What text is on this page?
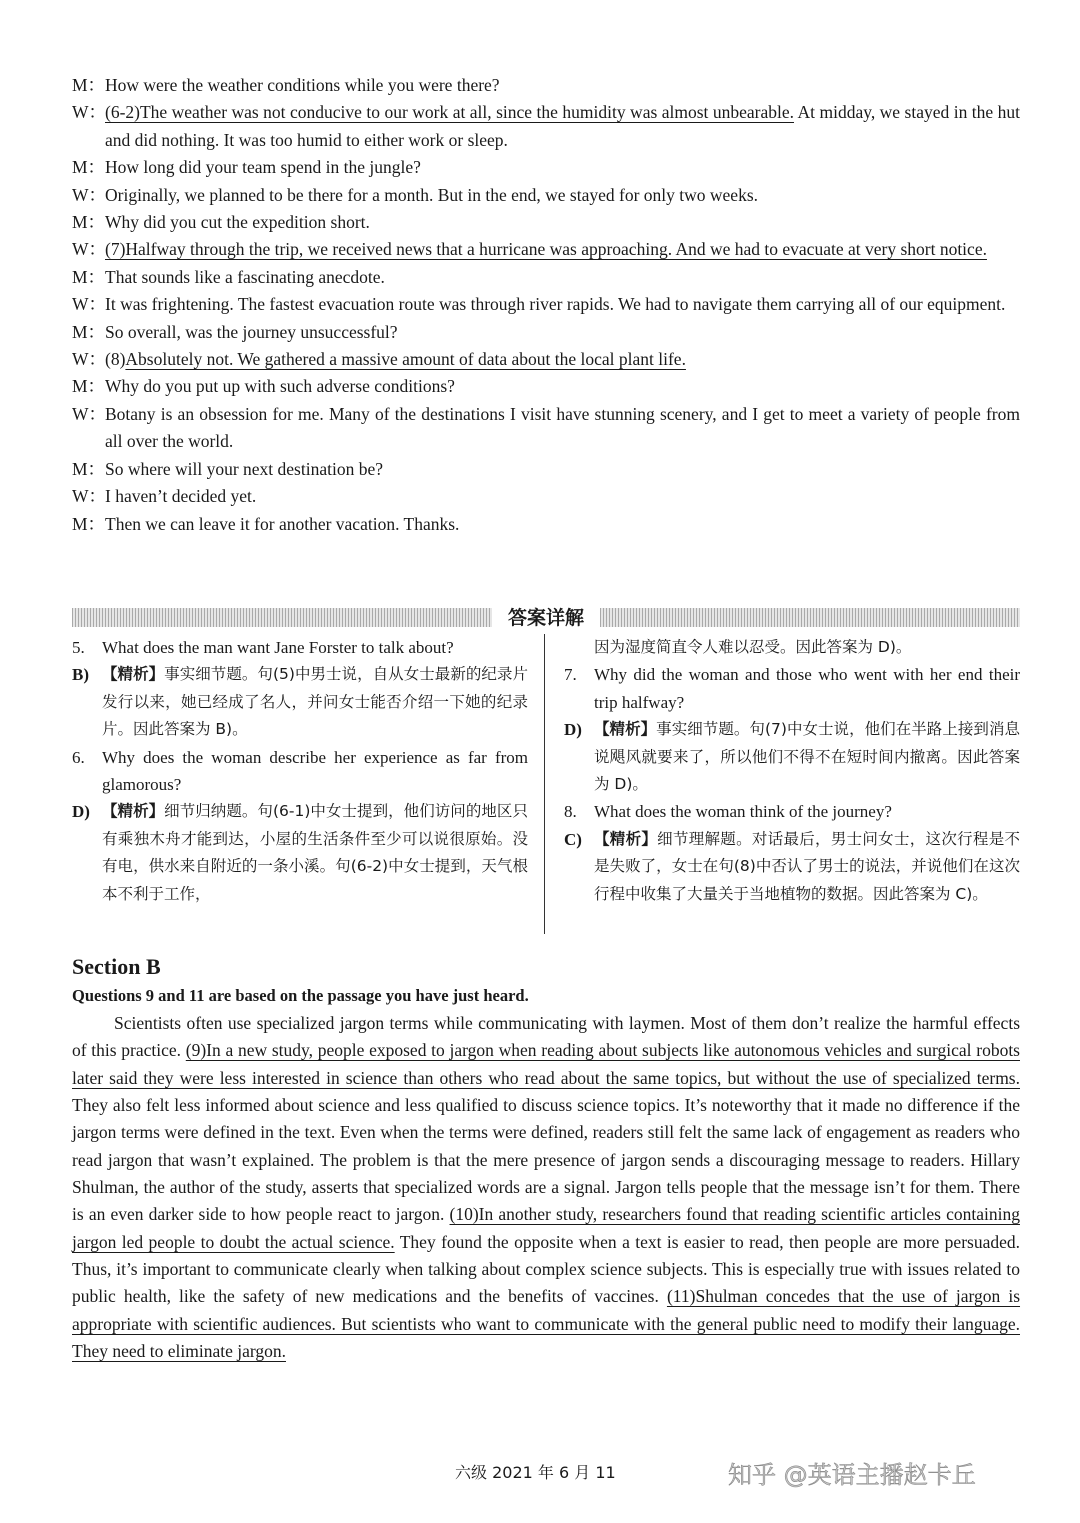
M： How were the weather conditions while you were there?
W：
(6-2)The weather was not conducive to our work at all, since the humidity was almost unbearable. At midday, we stayed in the hut and did nothing. It was too humid to either work or sleep.
M： How long did your team spend in the jungle?
W：
Originally, we planned to be there for a month. But in the end, we stayed for only two weeks.
M： Why did you cut the expedition short.
W：
(7)Halfway through the trip, we received news that a hurricane was approaching. And we had to evacuate at very short notice.
M： That sounds like a fascinating anecdote.
W：
It was frightening. The fastest evacuation route was through river rapids. We had to navigate them carrying all of our equipment.
M： So overall, was the journey unsuccessful?
W：
(8)Absolutely not. We gathered a massive amount of data about the local plant life.
M： Why do you put up with such adverse conditions?
W：
Botany is an obsession for me. Many of the destinations I visit have stunning scenery, and I get to meet a variety of people from all over the world.
M： So where will your next destination be?
W：
I haven’t decided yet.
M： Then we can leave it for another vacation. Thanks.
答案详解
5. What does the man want Jane Forster to talk about?
B) 【精析】事实细节题。句(5)中男士说，自从女士最新的纪录片发行以来，她已经成了名人，并问女士能否介绍一下她的纪录片。因此答案为 B)。
6. Why does the woman describe her experience as far from glamorous?
D) 【精析】细节归纳题。句(6-1)中女士提到，他们访问的地区只有乘独木舟才能到达，小屋的生活条件至少可以说很原始。没有电，供水来自附近的一条小溪。句(6-2)中女士提到，天气根本不利于工作，
因为湿度简直令人难以忍受。因此答案为 D)。
7. Why did the woman and those who went with her end their trip halfway?
D) 【精析】事实细节题。句(7)中女士说，他们在半路上接到消息说飓风就要来了，所以他们不得不在短时间内撤离。因此答案为 D)。
8. What does the woman think of the journey?
C) 【精析】细节理解题。对话最后，男士问女士，这次行程是不是失败了，女士在句(8)中否认了男士的说法，并说他们在这次行程中收集了大量关于当地植物的数据。因此答案为 C)。
Section B
Questions 9 and 11 are based on the passage you have just heard.

Scientists often use specialized jargon terms while communicating with laymen. Most of them don’t realize the harmful effects of this practice. (9)In a new study, people exposed to jargon when reading about subjects like autonomous vehicles and surgical robots later said they were less interested in science than others who read about the same topics, but without the use of specialized terms. They also felt less informed about science and less qualified to discuss science topics. It’s noteworthy that it made no difference if the jargon terms were defined in the text. Even when the terms were defined, readers still felt the same lack of engagement as readers who read jargon that wasn’t explained. The problem is that the mere presence of jargon sends a discouraging message to readers. Hillary Shulman, the author of the study, asserts that specialized words are a signal. Jargon tells people that the message isn’t for them. There is an even darker side to how people react to jargon. (10)In another study, researchers found that reading scientific articles containing jargon led people to doubt the actual science. They found the opposite when a text is easier to read, then people are more persuaded. Thus, it’s important to communicate clearly when talking about complex science subjects. This is especially true with issues related to public health, like the safety of new medications and the benefits of vaccines. (11)Shulman concedes that the use of jargon is appropriate with scientific audiences. But scientists who want to communicate with the general public need to modify their language. They need to eliminate jargon.

六级 2021 年 6 月 11	知乎 @英语主播赵卡丘
